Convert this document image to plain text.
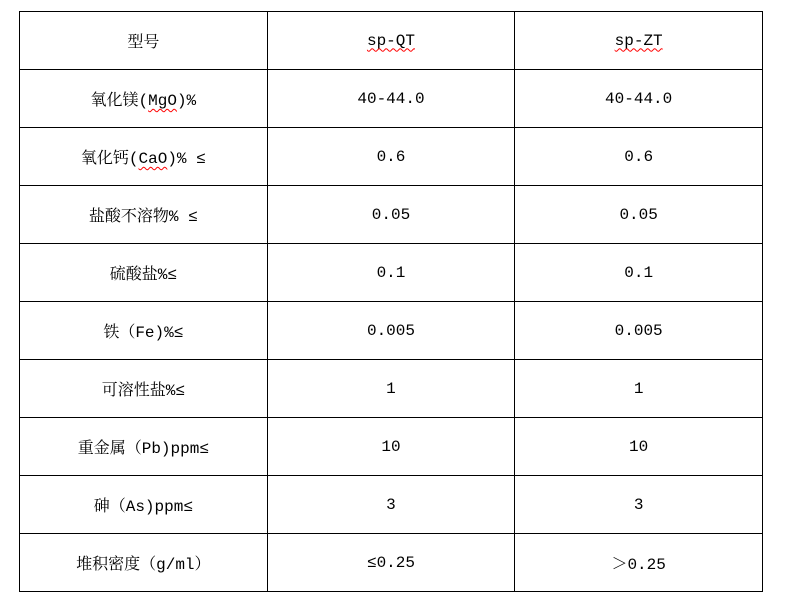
型号	sp-QT	sp-ZT
氧化镁(MgO)%	40-44.0	40-44.0
氧化钙(CaO)% ≤	0.6	0.6
盐酸不溶物% ≤	0.05	0.05
硫酸盐%≤	0.1	0.1
铁（Fe)%≤	0.005	0.005
可溶性盐%≤	1	1
重金属（Pb)ppm≤	10	10
砷（As)ppm≤	3	3
堆积密度（g/ml）	≤0.25	＞0.25
